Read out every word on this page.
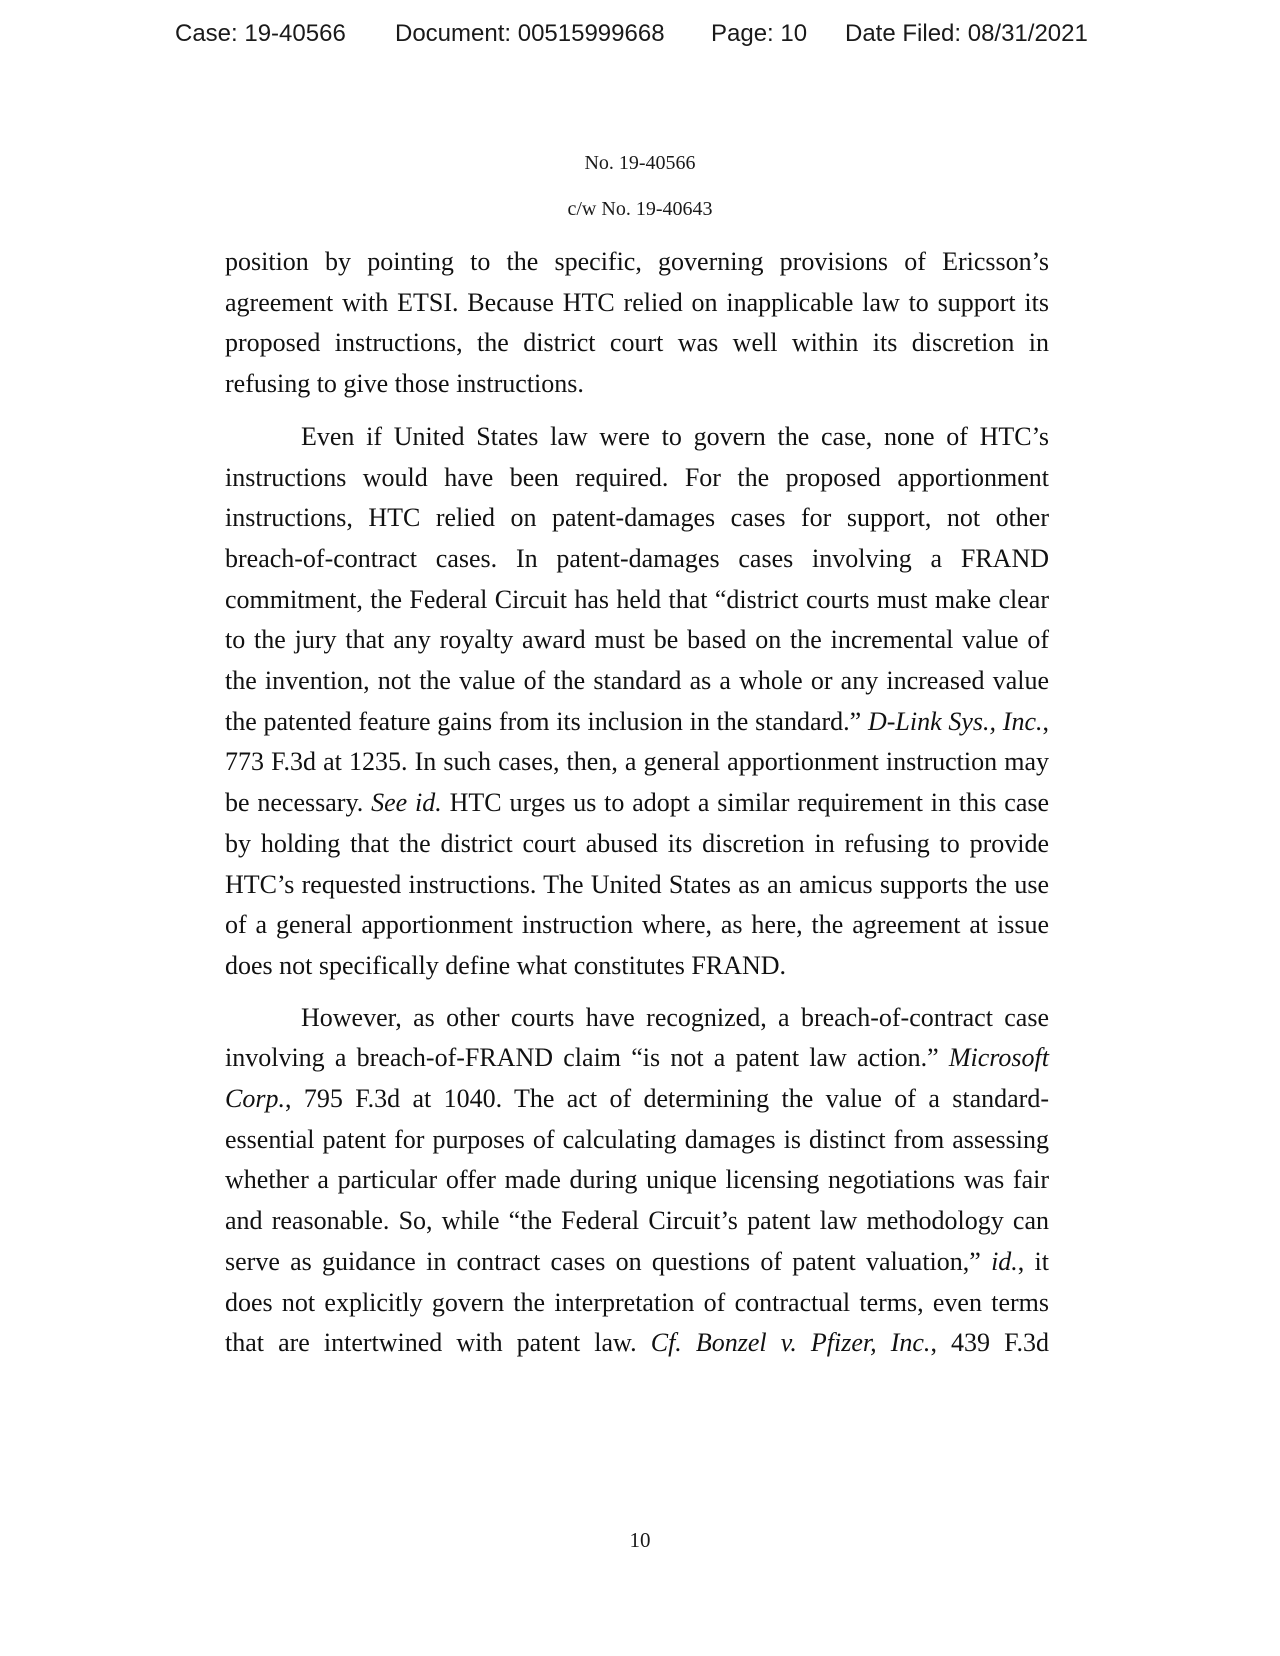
Case: 19-40566 Document: 00515999668 Page: 10 Date Filed: 08/31/2021
No. 19-40566
c/w No. 19-40643

position by pointing to the specific, governing provisions of Ericsson’s agreement with ETSI. Because HTC relied on inapplicable law to support its proposed instructions, the district court was well within its discretion in refusing to give those instructions.

Even if United States law were to govern the case, none of HTC’s instructions would have been required. For the proposed apportionment instructions, HTC relied on patent-damages cases for support, not other breach-of-contract cases. In patent-damages cases involving a FRAND commitment, the Federal Circuit has held that “district courts must make clear to the jury that any royalty award must be based on the incremental value of the invention, not the value of the standard as a whole or any increased value the patented feature gains from its inclusion in the standard.” D-Link Sys., Inc., 773 F.3d at 1235. In such cases, then, a general apportionment instruction may be necessary. See id. HTC urges us to adopt a similar requirement in this case by holding that the district court abused its discretion in refusing to provide HTC’s requested instructions. The United States as an amicus supports the use of a general apportionment instruction where, as here, the agreement at issue does not specifically define what constitutes FRAND.

However, as other courts have recognized, a breach-of-contract case involving a breach-of-FRAND claim “is not a patent law action.” Microsoft Corp., 795 F.3d at 1040. The act of determining the value of a standard-essential patent for purposes of calculating damages is distinct from assessing whether a particular offer made during unique licensing negotiations was fair and reasonable. So, while “the Federal Circuit’s patent law methodology can serve as guidance in contract cases on questions of patent valuation,” id., it does not explicitly govern the interpretation of contractual terms, even terms that are intertwined with patent law. Cf. Bonzel v. Pfizer, Inc., 439 F.3d

10
